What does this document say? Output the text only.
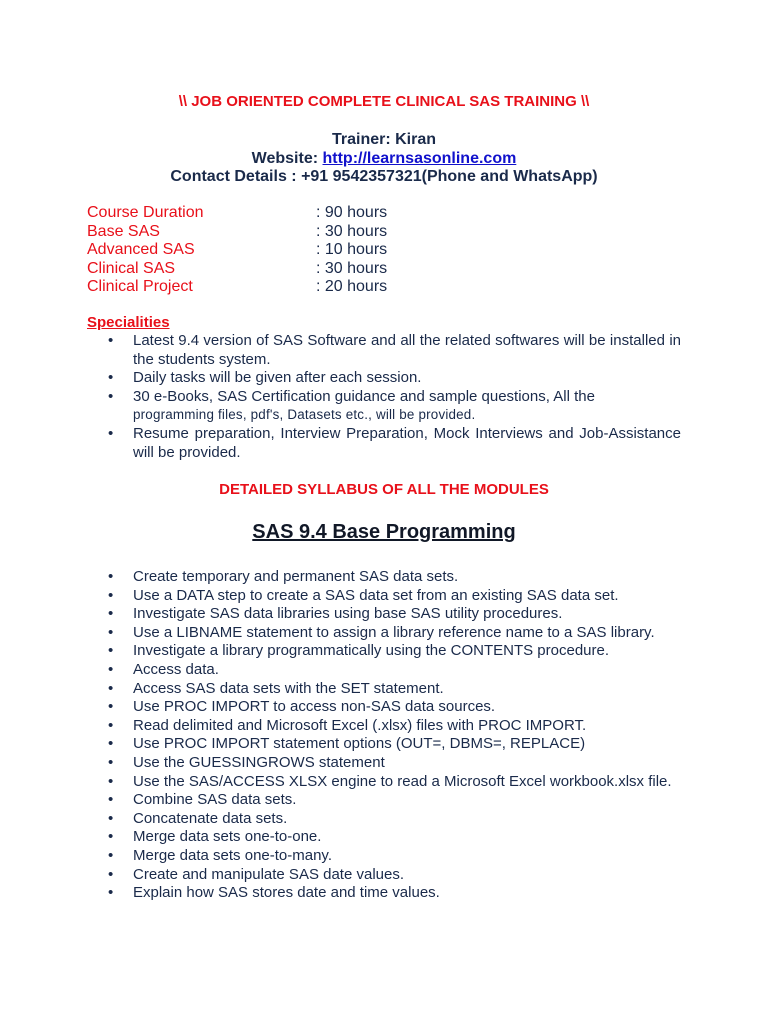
\\ JOB ORIENTED COMPLETE CLINICAL SAS TRAINING \\
Trainer: Kiran
Website: http://learnsasonline.com
Contact Details : +91 9542357321(Phone and WhatsApp)
Course Duration	: 90 hours
Base SAS	: 30 hours
Advanced SAS	: 10 hours
Clinical SAS	: 30 hours
Clinical Project	: 20 hours
Specialities
•	Latest 9.4 version of SAS Software and all the related softwares will be installed in the students system.
•	Daily tasks will be given after each session.
•	30 e-Books, SAS Certification guidance and sample questions, All the
programming files, pdf's, Datasets etc., will be provided.
•	Resume preparation, Interview Preparation, Mock Interviews and Job-Assistance will be provided.
DETAILED SYLLABUS OF ALL THE MODULES
SAS 9.4 Base Programming
•	Create temporary and permanent SAS data sets.
•	Use a DATA step to create a SAS data set from an existing SAS data set.
•	Investigate SAS data libraries using base SAS utility procedures.
•	Use a LIBNAME statement to assign a library reference name to a SAS library.
•	Investigate a library programmatically using the CONTENTS procedure.
•	Access data.
•	Access SAS data sets with the SET statement.
•	Use PROC IMPORT to access non-SAS data sources.
•	Read delimited and Microsoft Excel (.xlsx) files with PROC IMPORT.
•	Use PROC IMPORT statement options (OUT=, DBMS=, REPLACE)
•	Use the GUESSINGROWS statement
•	Use the SAS/ACCESS XLSX engine to read a Microsoft Excel workbook.xlsx file.
•	Combine SAS data sets.
•	Concatenate data sets.
•	Merge data sets one-to-one.
•	Merge data sets one-to-many.
•	Create and manipulate SAS date values.
•	Explain how SAS stores date and time values.
